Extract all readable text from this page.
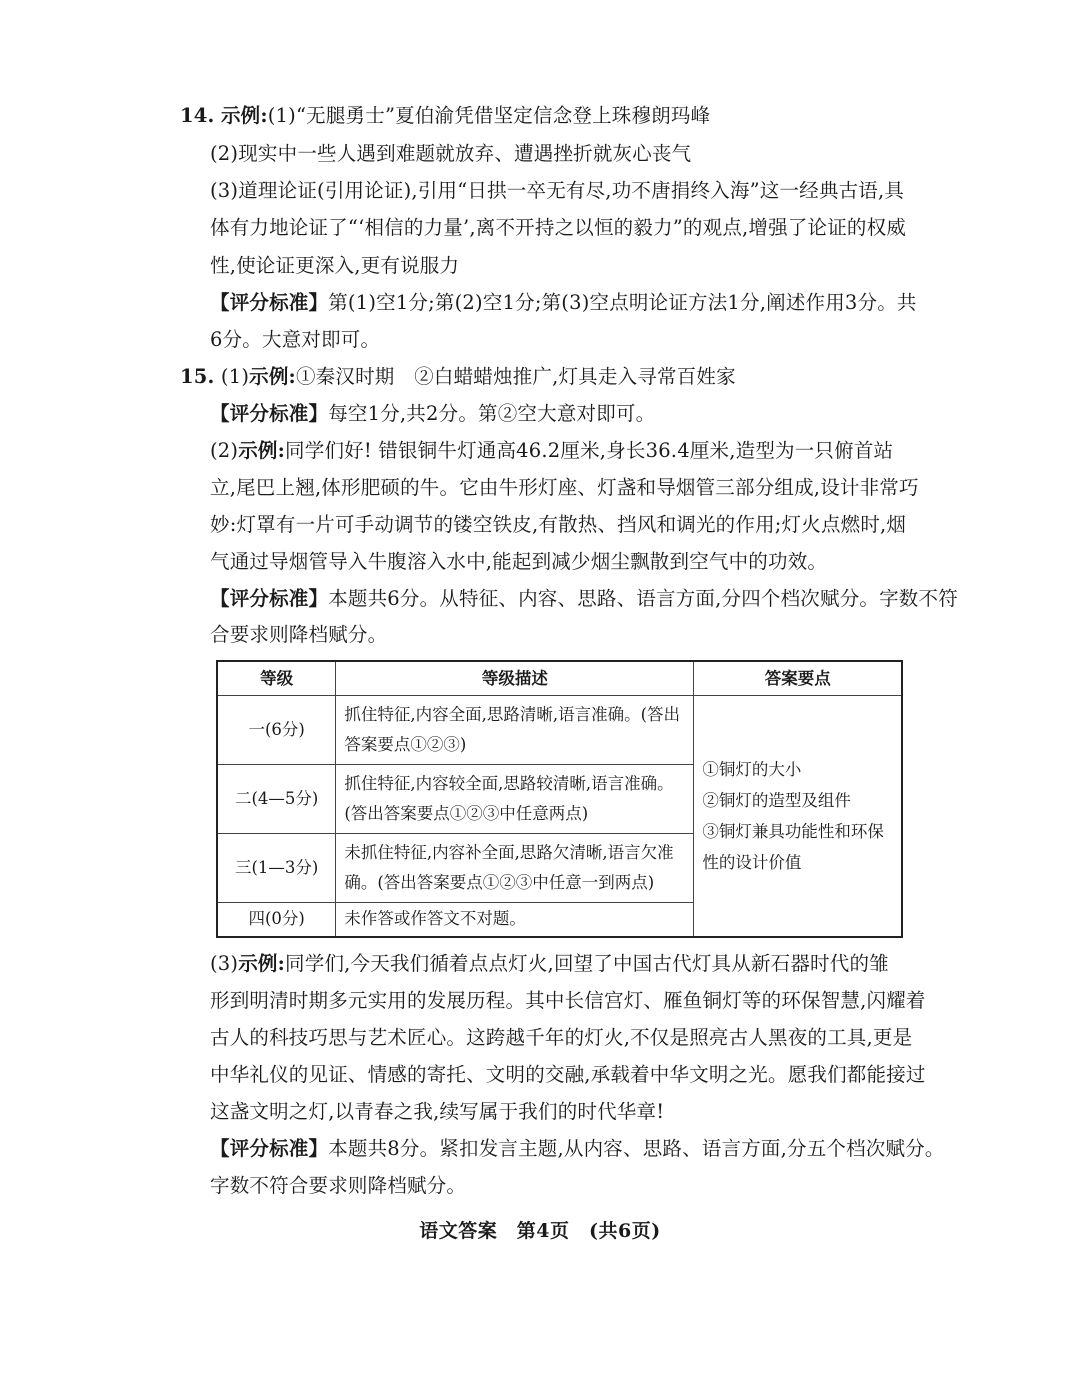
14. 示例:(1)“无腿勇士”夏伯渝凭借坚定信念登上珠穆朗玛峰
(2)现实中一些人遇到难题就放弃、遭遇挫折就灰心丧气
(3)道理论证(引用论证),引用“日拱一卒无有尽,功不唐捐终入海”这一经典古语,具
体有力地论证了“‘相信的力量’,离不开持之以恒的毅力”的观点,增强了论证的权威
性,使论证更深入,更有说服力
【评分标准】第(1)空1分;第(2)空1分;第(3)空点明论证方法1分,阐述作用3分。共
6分。大意对即可。
15. (1)示例:①秦汉时期　②白蜡蜡烛推广,灯具走入寻常百姓家
【评分标准】每空1分,共2分。第②空大意对即可。
(2)示例:同学们好! 错银铜牛灯通高46.2厘米,身长36.4厘米,造型为一只俯首站
立,尾巴上翘,体形肥硕的牛。它由牛形灯座、灯盏和导烟管三部分组成,设计非常巧
妙:灯罩有一片可手动调节的镂空铁皮,有散热、挡风和调光的作用;灯火点燃时,烟
气通过导烟管导入牛腹溶入水中,能起到减少烟尘飘散到空气中的功效。
【评分标准】本题共6分。从特征、内容、思路、语言方面,分四个档次赋分。字数不符
合要求则降档赋分。
等级	等级描述	答案要点
一(6分)	抓住特征,内容全面,思路清晰,语言准确。(答出答案要点①②③)	①铜灯的大小
②铜灯的造型及组件
③铜灯兼具功能性和环保性的设计价值

二(4—5分)	抓住特征,内容较全面,思路较清晰,语言准确。(答出答案要点①②③中任意两点)	
三(1—3分)	未抓住特征,内容补全面,思路欠清晰,语言欠准确。(答出答案要点①②③中任意一到两点)	
四(0分)	未作答或作答文不对题。	
(3)示例:同学们,今天我们循着点点灯火,回望了中国古代灯具从新石器时代的雏
形到明清时期多元实用的发展历程。其中长信宫灯、雁鱼铜灯等的环保智慧,闪耀着
古人的科技巧思与艺术匠心。这跨越千年的灯火,不仅是照亮古人黑夜的工具,更是
中华礼仪的见证、情感的寄托、文明的交融,承载着中华文明之光。愿我们都能接过
这盏文明之灯,以青春之我,续写属于我们的时代华章!
【评分标准】本题共8分。紧扣发言主题,从内容、思路、语言方面,分五个档次赋分。
字数不符合要求则降档赋分。
语文答案　第4页　(共6页)
